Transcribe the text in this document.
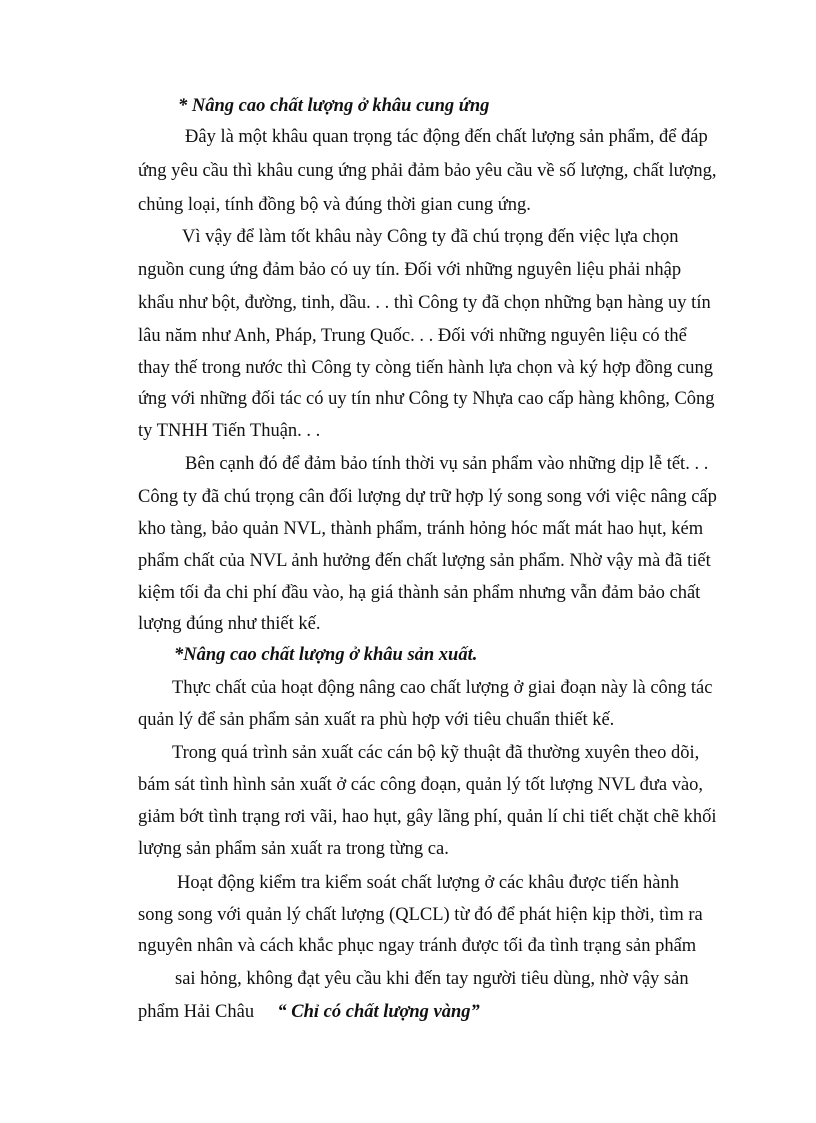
* Nâng cao chất lượng ở khâu cung ứng
Đây là một khâu quan trọng tác động đến chất lượng sản phẩm, để đáp
ứng yêu cầu thì khâu cung ứng phải đảm bảo yêu cầu về số lượng, chất lượng,
chủng loại, tính đồng bộ và đúng thời gian cung ứng.
Vì vậy để làm tốt khâu này Công ty đã chú trọng đến việc lựa chọn
nguồn cung ứng đảm bảo có uy tín. Đối với những nguyên liệu phải nhập
khẩu như bột, đường, tinh, dầu. . . thì Công ty đã chọn những bạn hàng uy tín
lâu năm như Anh, Pháp, Trung Quốc. . . Đối với những nguyên liệu có thể
thay thế trong nước thì Công ty còng tiến hành lựa chọn và ký hợp đồng cung
ứng với những đối tác có uy tín như Công ty Nhựa cao cấp hàng không, Công
ty TNHH Tiến Thuận. . .
Bên cạnh đó để đảm bảo tính thời vụ sản phẩm vào những dịp lễ tết. . .
Công ty đã chú trọng cân đối lượng dự trữ hợp lý song song với việc nâng cấp
kho tàng, bảo quản NVL, thành phẩm, tránh hỏng hóc mất mát hao hụt, kém
phẩm chất của NVL ảnh hưởng đến chất lượng sản phẩm. Nhờ vậy mà đã tiết
kiệm tối đa chi phí đầu vào, hạ giá thành sản phẩm nhưng vẫn đảm bảo chất
lượng đúng như thiết kế.
*Nâng cao chất lượng ở khâu sản xuất.
Thực chất của hoạt động nâng cao chất lượng ở giai đoạn này là công tác
quản lý để sản phẩm sản xuất ra phù hợp với tiêu chuẩn thiết kế.
Trong quá trình sản xuất các cán bộ kỹ thuật đã thường xuyên theo dõi,
bám sát tình hình sản xuất ở các công đoạn, quản lý tốt lượng NVL đưa vào,
giảm bớt tình trạng rơi vãi, hao hụt, gây lãng phí, quản lí chi tiết chặt chẽ khối
lượng sản phẩm sản xuất ra trong từng ca.
Hoạt động kiểm tra kiểm soát chất lượng ở các khâu được tiến hành
song song với quản lý chất lượng (QLCL) từ đó để phát hiện kịp thời, tìm ra
nguyên nhân và cách khắc phục ngay tránh được tối đa tình trạng sản phẩm
sai hỏng, không đạt yêu cầu khi đến tay người tiêu dùng, nhờ vậy sản
phẩm Hải Châu “ Chỉ có chất lượng vàng”
